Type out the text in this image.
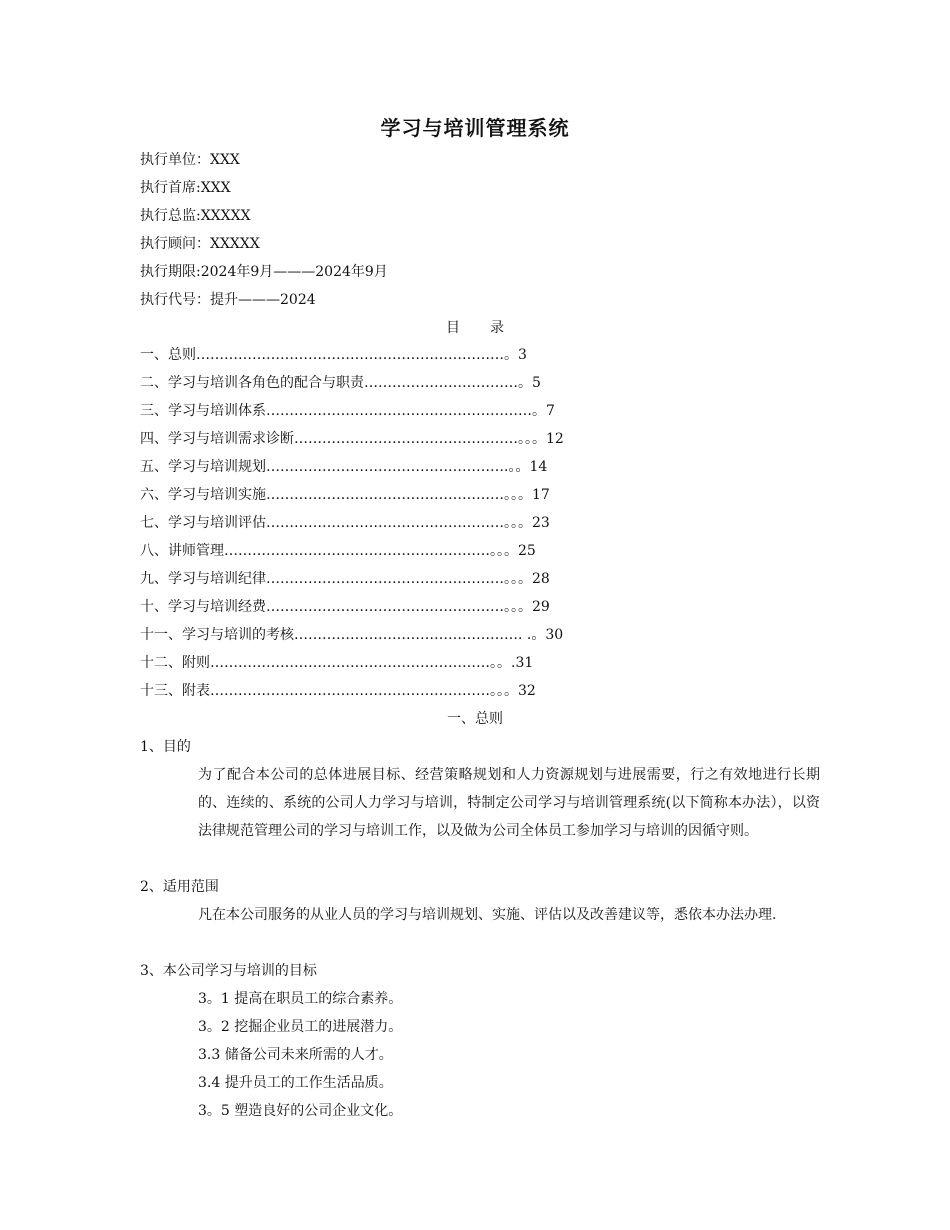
学习与培训管理系统
执行单位：XXX
执行首席:XXX
执行总监:XXXXX
执行顾问：XXXXX
执行期限:2024年9月———2024年9月
执行代号：提升———2024
目录
一、总则 ………………………………………………………… 。3
二、学习与培训各角色的配合与职责 …………………………… 。5
三、学习与培训体系 ………………………………………………… 。7
四、学习与培训需求诊断 ………………………………………… 。。。12
五、学习与培训规划 …………………………………………… .。。14
六、学习与培训实施 …………………………………………… 。。。17
七、学习与培训评估 …………………………………………… 。。。23
八、讲师管理 ………………………………………………… 。。。25
九、学习与培训纪律 …………………………………………… 。。。28
十、学习与培训经费 …………………………………………… 。。。29
十一、学习与培训的考核 ………………………………………… . .。30
十二、附则 …………………………………………………… 。。.31
十三、附表 …………………………………………………… 。。。32
一、总则
1、目的
为了配合本公司的总体进展目标、经营策略规划和人力资源规划与进展需要，行之有效地进行长期的、连续的、系统的公司人力学习与培训，特制定公司学习与培训管理系统(以下简称本办法），以资法律规范管理公司的学习与培训工作，以及做为公司全体员工参加学习与培训的因循守则。
2、适用范围
凡在本公司服务的从业人员的学习与培训规划、实施、评估以及改善建议等，悉依本办法办理.
3、本公司学习与培训的目标
3。1 提高在职员工的综合素养。
3。2 挖掘企业员工的进展潜力。
3.3 储备公司未来所需的人才。
3.4 提升员工的工作生活品质。
3。5 塑造良好的公司企业文化。
